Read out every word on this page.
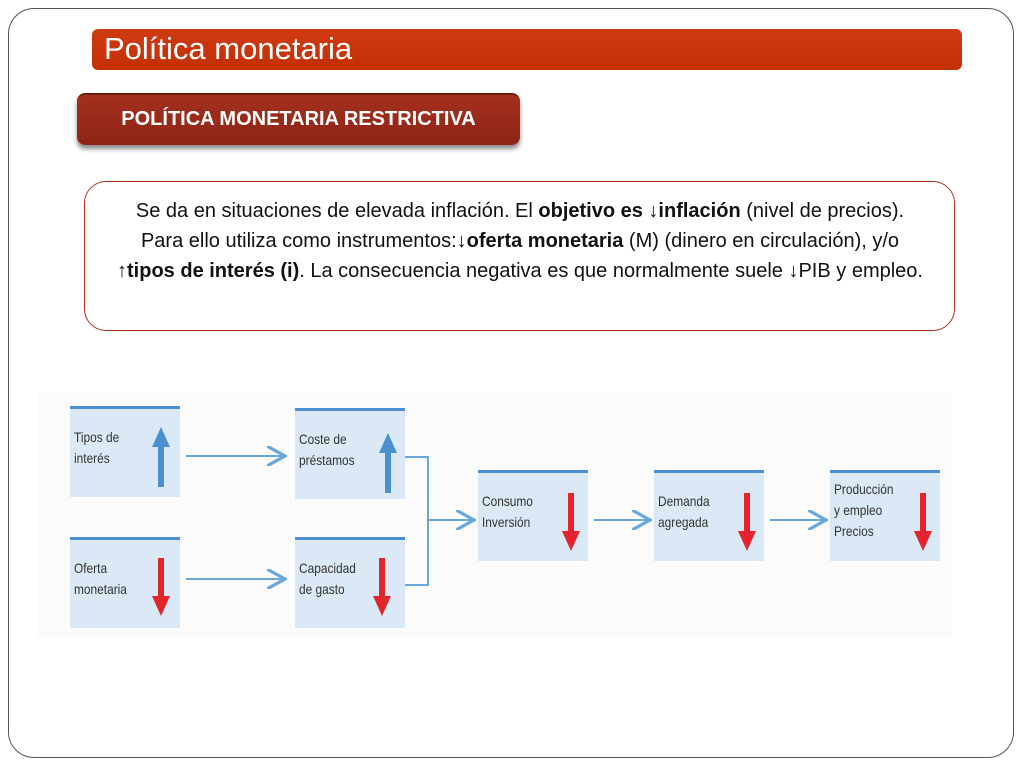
Política monetaria
POLÍTICA MONETARIA RESTRICTIVA
Se da en situaciones de elevada inflación. El objetivo es ↓inflación (nivel de precios). Para ello utiliza como instrumentos:↓oferta monetaria (M) (dinero en circulación), y/o ↑tipos de interés (i). La consecuencia negativa es que normalmente suele ↓PIB y empleo.
Tipos de
interés
Oferta
monetaria
Coste de
préstamos
Capacidad
de gasto
Consumo
Inversión
Demanda
agregada
Producción
y empleo
Precios
